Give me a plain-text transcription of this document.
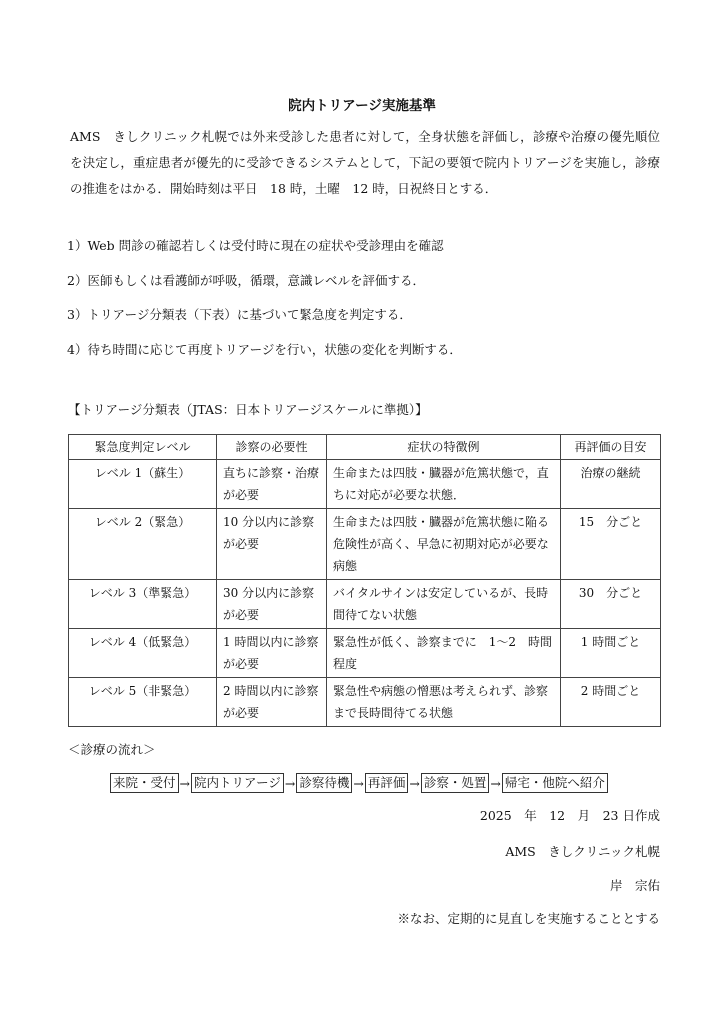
院内トリアージ実施基準
AMS　きしクリニック札幌では外来受診した患者に対して，全身状態を評価し，診療や治療の優先順位を決定し，重症患者が優先的に受診できるシステムとして，下記の要領で院内トリアージを実施し，診療の推進をはかる．開始時刻は平日　18 時，土曜　12 時，日祝終日とする．
1）Web 問診の確認若しくは受付時に現在の症状や受診理由を確認
2）医師もしくは看護師が呼吸，循環，意識レベルを評価する．
3）トリアージ分類表（下表）に基づいて緊急度を判定する．
4）待ち時間に応じて再度トリアージを行い，状態の変化を判断する．
【トリアージ分類表（JTAS：日本トリアージスケールに準拠）】
緊急度判定レベル	診察の必要性	症状の特徴例	再評価の目安
レベル 1（蘇生）	直ちに診察・治療が必要	生命または四肢・臓器が危篤状態で，直ちに対応が必要な状態．	治療の継続
レベル 2（緊急）	10 分以内に診察が必要	生命または四肢・臓器が危篤状態に陥る危険性が高く、早急に初期対応が必要な病態	15　分ごと
レベル 3（準緊急）	30 分以内に診察が必要	バイタルサインは安定しているが、長時間待てない状態	30　分ごと
レベル 4（低緊急）	1 時間以内に診察が必要	緊急性が低く、診察までに　1〜2　時間程度	1 時間ごと
レベル 5（非緊急）	2 時間以内に診察が必要	緊急性や病態の憎悪は考えられず、診察まで長時間待てる状態	2 時間ごと
＜診療の流れ＞
来院・受付 → 院内トリアージ → 診察待機 → 再評価 → 診察・処置 → 帰宅・他院へ紹介
2025　年　12　月　23 日作成
AMS　きしクリニック札幌
岸　宗佑
※なお、定期的に見直しを実施することとする
